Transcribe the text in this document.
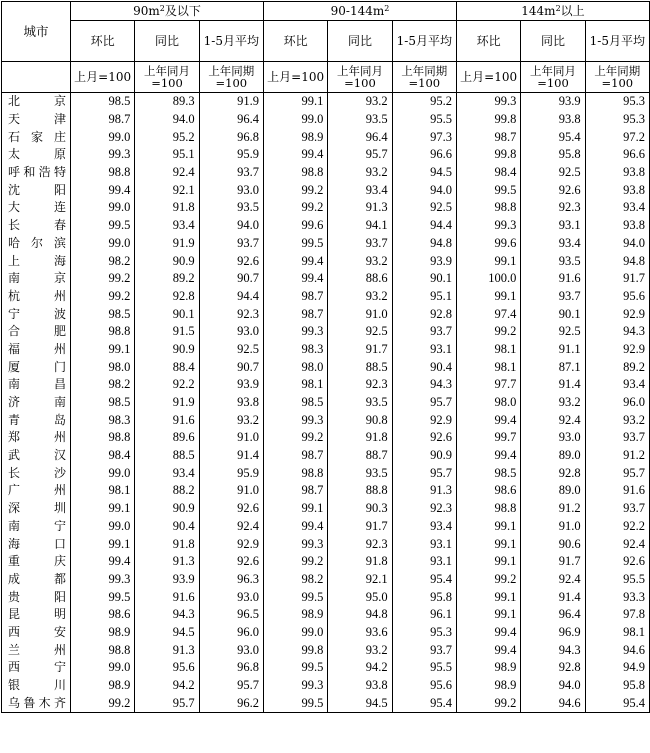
城市	$90m^2$及以下			$90-144m^2$			$144m^2$以上		
	环比	同比	1-5月平均	环比	同比	1-5月平均	环比	同比	1-5月平均
	上月=100	上年同月=100	上年同期=100	上月=100	上年同月=100	上年同期=100	上月=100	上年同月=100	上年同期=100
北京	98.5	89.3	91.9	99.1	93.2	95.2	99.3	93.9	95.3
天津	98.7	94.0	96.4	99.0	93.5	95.5	99.8	93.8	95.3
石家庄	99.0	95.2	96.8	98.9	96.4	97.3	98.7	95.4	97.2
太原	99.3	95.1	95.9	99.4	95.7	96.6	99.8	95.8	96.6
呼和浩特	98.8	92.4	93.7	98.8	93.2	94.5	98.4	92.5	93.8
沈阳	99.4	92.1	93.0	99.2	93.4	94.0	99.5	92.6	93.8
大连	99.0	91.8	93.5	99.2	91.3	92.5	98.8	92.3	93.4
长春	99.5	93.4	94.0	99.6	94.1	94.4	99.3	93.1	93.8
哈尔滨	99.0	91.9	93.7	99.5	93.7	94.8	99.6	93.4	94.0
上海	98.2	90.9	92.6	99.4	93.2	93.9	99.1	93.5	94.8
南京	99.2	89.2	90.7	99.4	88.6	90.1	100.0	91.6	91.7
杭州	99.2	92.8	94.4	98.7	93.2	95.1	99.1	93.7	95.6
宁波	98.5	90.1	92.3	98.7	91.0	92.8	97.4	90.1	92.9
合肥	98.8	91.5	93.0	99.3	92.5	93.7	99.2	92.5	94.3
福州	99.1	90.9	92.5	98.3	91.7	93.1	98.1	91.1	92.9
厦门	98.0	88.4	90.7	98.0	88.5	90.4	98.1	87.1	89.2
南昌	98.2	92.2	93.9	98.1	92.3	94.3	97.7	91.4	93.4
济南	98.5	91.9	93.8	98.5	93.5	95.7	98.0	93.2	96.0
青岛	98.3	91.6	93.2	99.3	90.8	92.9	99.4	92.4	93.2
郑州	98.8	89.6	91.0	99.2	91.8	92.6	99.7	93.0	93.7
武汉	98.4	88.5	91.4	98.7	88.7	90.9	99.4	89.0	91.2
长沙	99.0	93.4	95.9	98.8	93.5	95.7	98.5	92.8	95.7
广州	98.1	88.2	91.0	98.7	88.8	91.3	98.6	89.0	91.6
深圳	99.1	90.9	92.6	99.1	90.3	92.3	98.8	91.2	93.7
南宁	99.0	90.4	92.4	99.4	91.7	93.4	99.1	91.0	92.2
海口	99.1	91.8	92.9	99.3	92.3	93.1	99.1	90.6	92.4
重庆	99.4	91.3	92.6	99.2	91.8	93.1	99.1	91.7	92.6
成都	99.3	93.9	96.3	98.2	92.1	95.4	99.2	92.4	95.5
贵阳	99.5	91.6	93.0	99.5	95.0	95.8	99.1	91.4	93.3
昆明	98.6	94.3	96.5	98.9	94.8	96.1	99.1	96.4	97.8
西安	98.9	94.5	96.0	99.0	93.6	95.3	99.4	96.9	98.1
兰州	98.8	91.3	93.0	99.8	93.2	93.7	99.4	94.3	94.6
西宁	99.0	95.6	96.8	99.5	94.2	95.5	98.9	92.8	94.9
银川	98.9	94.2	95.7	99.3	93.8	95.6	98.9	94.0	95.8
乌鲁木齐	99.2	95.7	96.2	99.5	94.5	95.4	99.2	94.6	95.4
